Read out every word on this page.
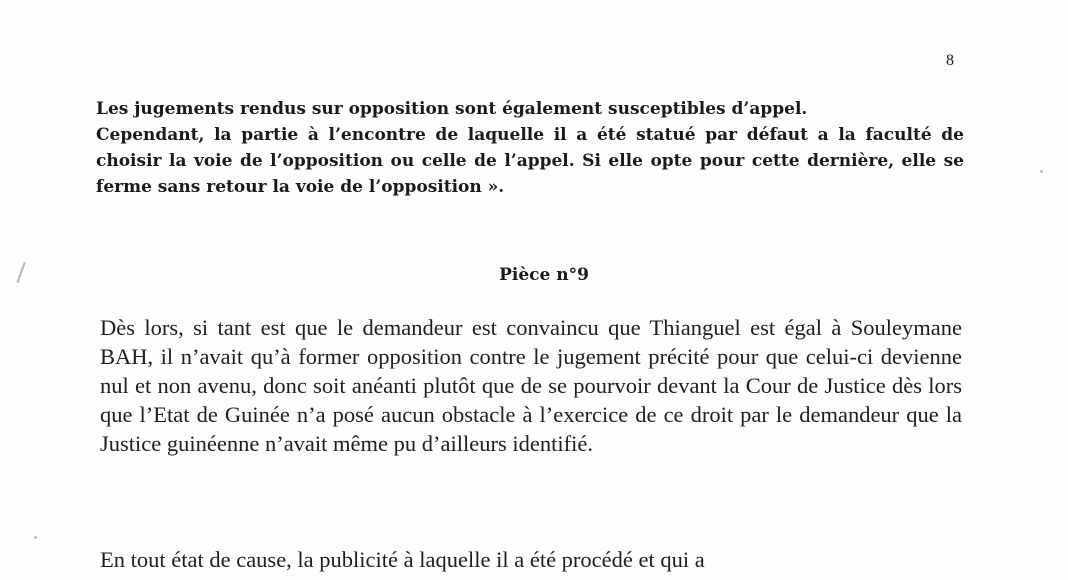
8

Les jugements rendus sur opposition sont également susceptibles d’appel.

Cependant, la partie à l’encontre de laquelle il a été statué par défaut a la faculté de choisir la voie de l’opposition ou celle de l’appel. Si elle opte pour cette dernière, elle se ferme sans retour la voie de l’opposition ».

Pièce n°9

Dès lors, si tant est que le demandeur est convaincu que Thianguel est égal à Souleymane BAH, il n’avait qu’à former opposition contre le jugement précité pour que celui-ci devienne nul et non avenu, donc soit anéanti plutôt que de se pourvoir devant la Cour de Justice dès lors que l’Etat de Guinée n’a posé aucun obstacle à l’exercice de ce droit par le demandeur que la Justice guinéenne n’avait même pu d’ailleurs identifié.

En tout état de cause, la publicité à laquelle il a été procédé et qui a
